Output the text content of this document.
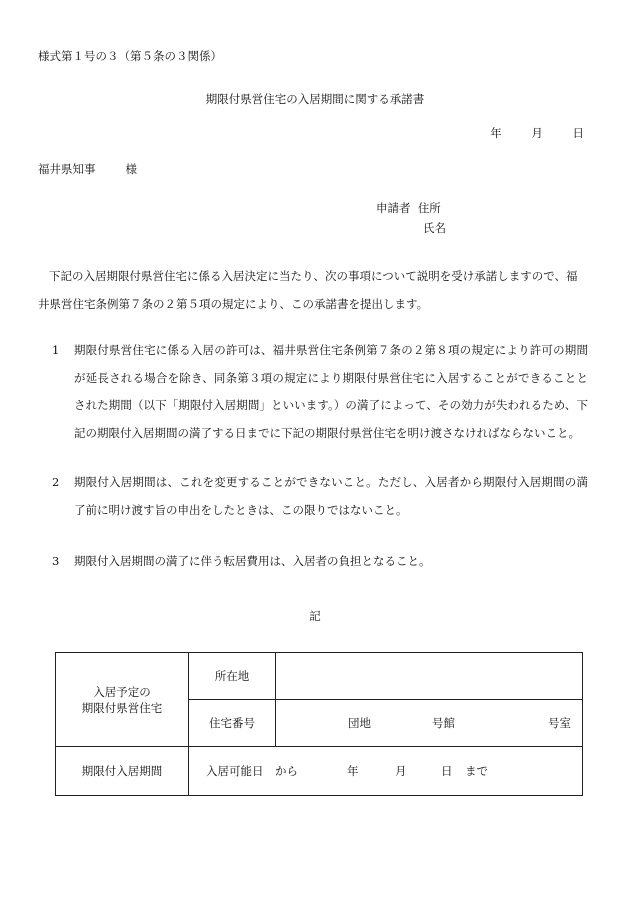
様式第１号の３（第５条の３関係）
期限付県営住宅の入居期間に関する承諾書
年	月	日
福井県知事	様
申請者 住所
氏名

下記の入居期限付県営住宅に係る入居決定に当たり、次の事項について説明を受け承諾しますので、福

井県営住宅条例第７条の２第５項の規定により、この承諾書を提出します。

1 期限付県営住宅に係る入居の許可は、福井県営住宅条例第７条の２第８項の規定により許可の期間が延長される場合を除き、同条第３項の規定により期限付県営住宅に入居することができることとされた期間（以下「期限付入居期間」といいます。）の満了によって、その効力が失われるため、下記の期限付入居期間の満了する日までに下記の期限付県営住宅を明け渡さなければならないこと。
2 期限付入居期間は、これを変更することができないこと。ただし、入居者から期限付入居期間の満了前に明け渡す旨の申出をしたときは、この限りではないこと。
3 期限付入居期間の満了に伴う転居費用は、入居者の負担となること。
記
入居予定の
期限付県営住宅	所在地	
	住宅番号	団地 号館 号室

期限付入居期間	入居可能日　から 年 月 日 まで	
